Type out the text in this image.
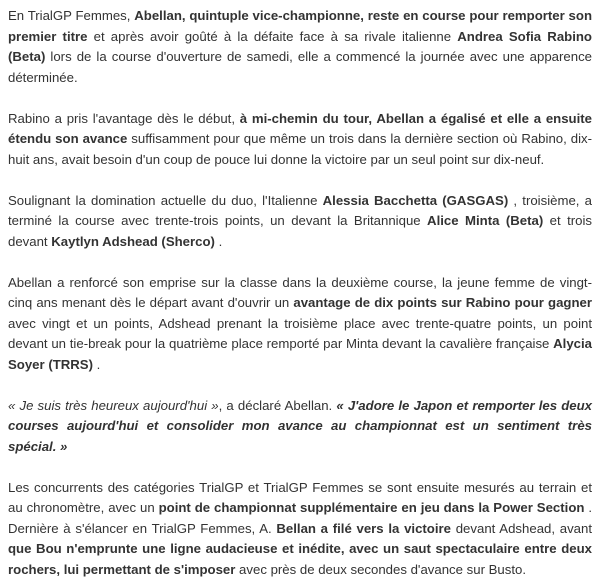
En TrialGP Femmes, Abellan, quintuple vice-championne, reste en course pour remporter son premier titre et après avoir goûté à la défaite face à sa rivale italienne Andrea Sofia Rabino (Beta) lors de la course d'ouverture de samedi, elle a commencé la journée avec une apparence déterminée.

Rabino a pris l'avantage dès le début, à mi-chemin du tour, Abellan a égalisé et elle a ensuite étendu son avance suffisamment pour que même un trois dans la dernière section où Rabino, dix-huit ans, avait besoin d'un coup de pouce lui donne la victoire par un seul point sur dix-neuf.

Soulignant la domination actuelle du duo, l'Italienne Alessia Bacchetta (GASGAS) , troisième, a terminé la course avec trente-trois points, un devant la Britannique Alice Minta (Beta) et trois devant Kaytlyn Adshead (Sherco) .

Abellan a renforcé son emprise sur la classe dans la deuxième course, la jeune femme de vingt-cinq ans menant dès le départ avant d'ouvrir un avantage de dix points sur Rabino pour gagner avec vingt et un points, Adshead prenant la troisième place avec trente-quatre points, un point devant un tie-break pour la quatrième place remporté par Minta devant la cavalière française Alycia Soyer (TRRS) .

« Je suis très heureux aujourd'hui », a déclaré Abellan. « J'adore le Japon et remporter les deux courses aujourd'hui et consolider mon avance au championnat est un sentiment très spécial. »

Les concurrents des catégories TrialGP et TrialGP Femmes se sont ensuite mesurés au terrain et au chronomètre, avec un point de championnat supplémentaire en jeu dans la Power Section . Dernière à s'élancer en TrialGP Femmes, A. Bellan a filé vers la victoire devant Adshead, avant que Bou n'emprunte une ligne audacieuse et inédite, avec un saut spectaculaire entre deux rochers, lui permettant de s'imposer avec près de deux secondes d'avance sur Busto.
